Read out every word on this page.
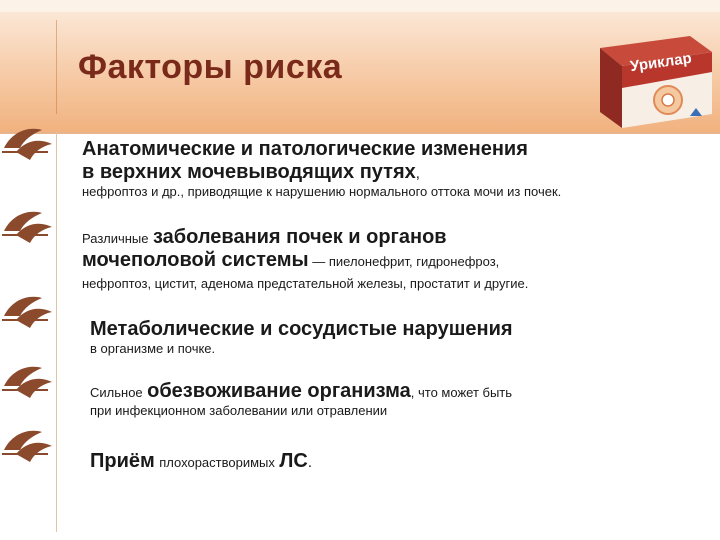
Факторы риска	Уриклар
Анатомические и патологические изменения
в верхних мочевыводящих путях,
нефроптоз и др., приводящие к нарушению нормального оттока мочи из почек.
Различные заболевания почек и органов
мочеполовой системы — пиелонефрит, гидронефроз,
нефроптоз, цистит, аденома предстательной железы, простатит и другие.
Метаболические и сосудистые нарушения
в организме и почке.
Сильное обезвоживание организма, что может быть
при инфекционном заболевании или отравлении
Приём плохорастворимых ЛС.
